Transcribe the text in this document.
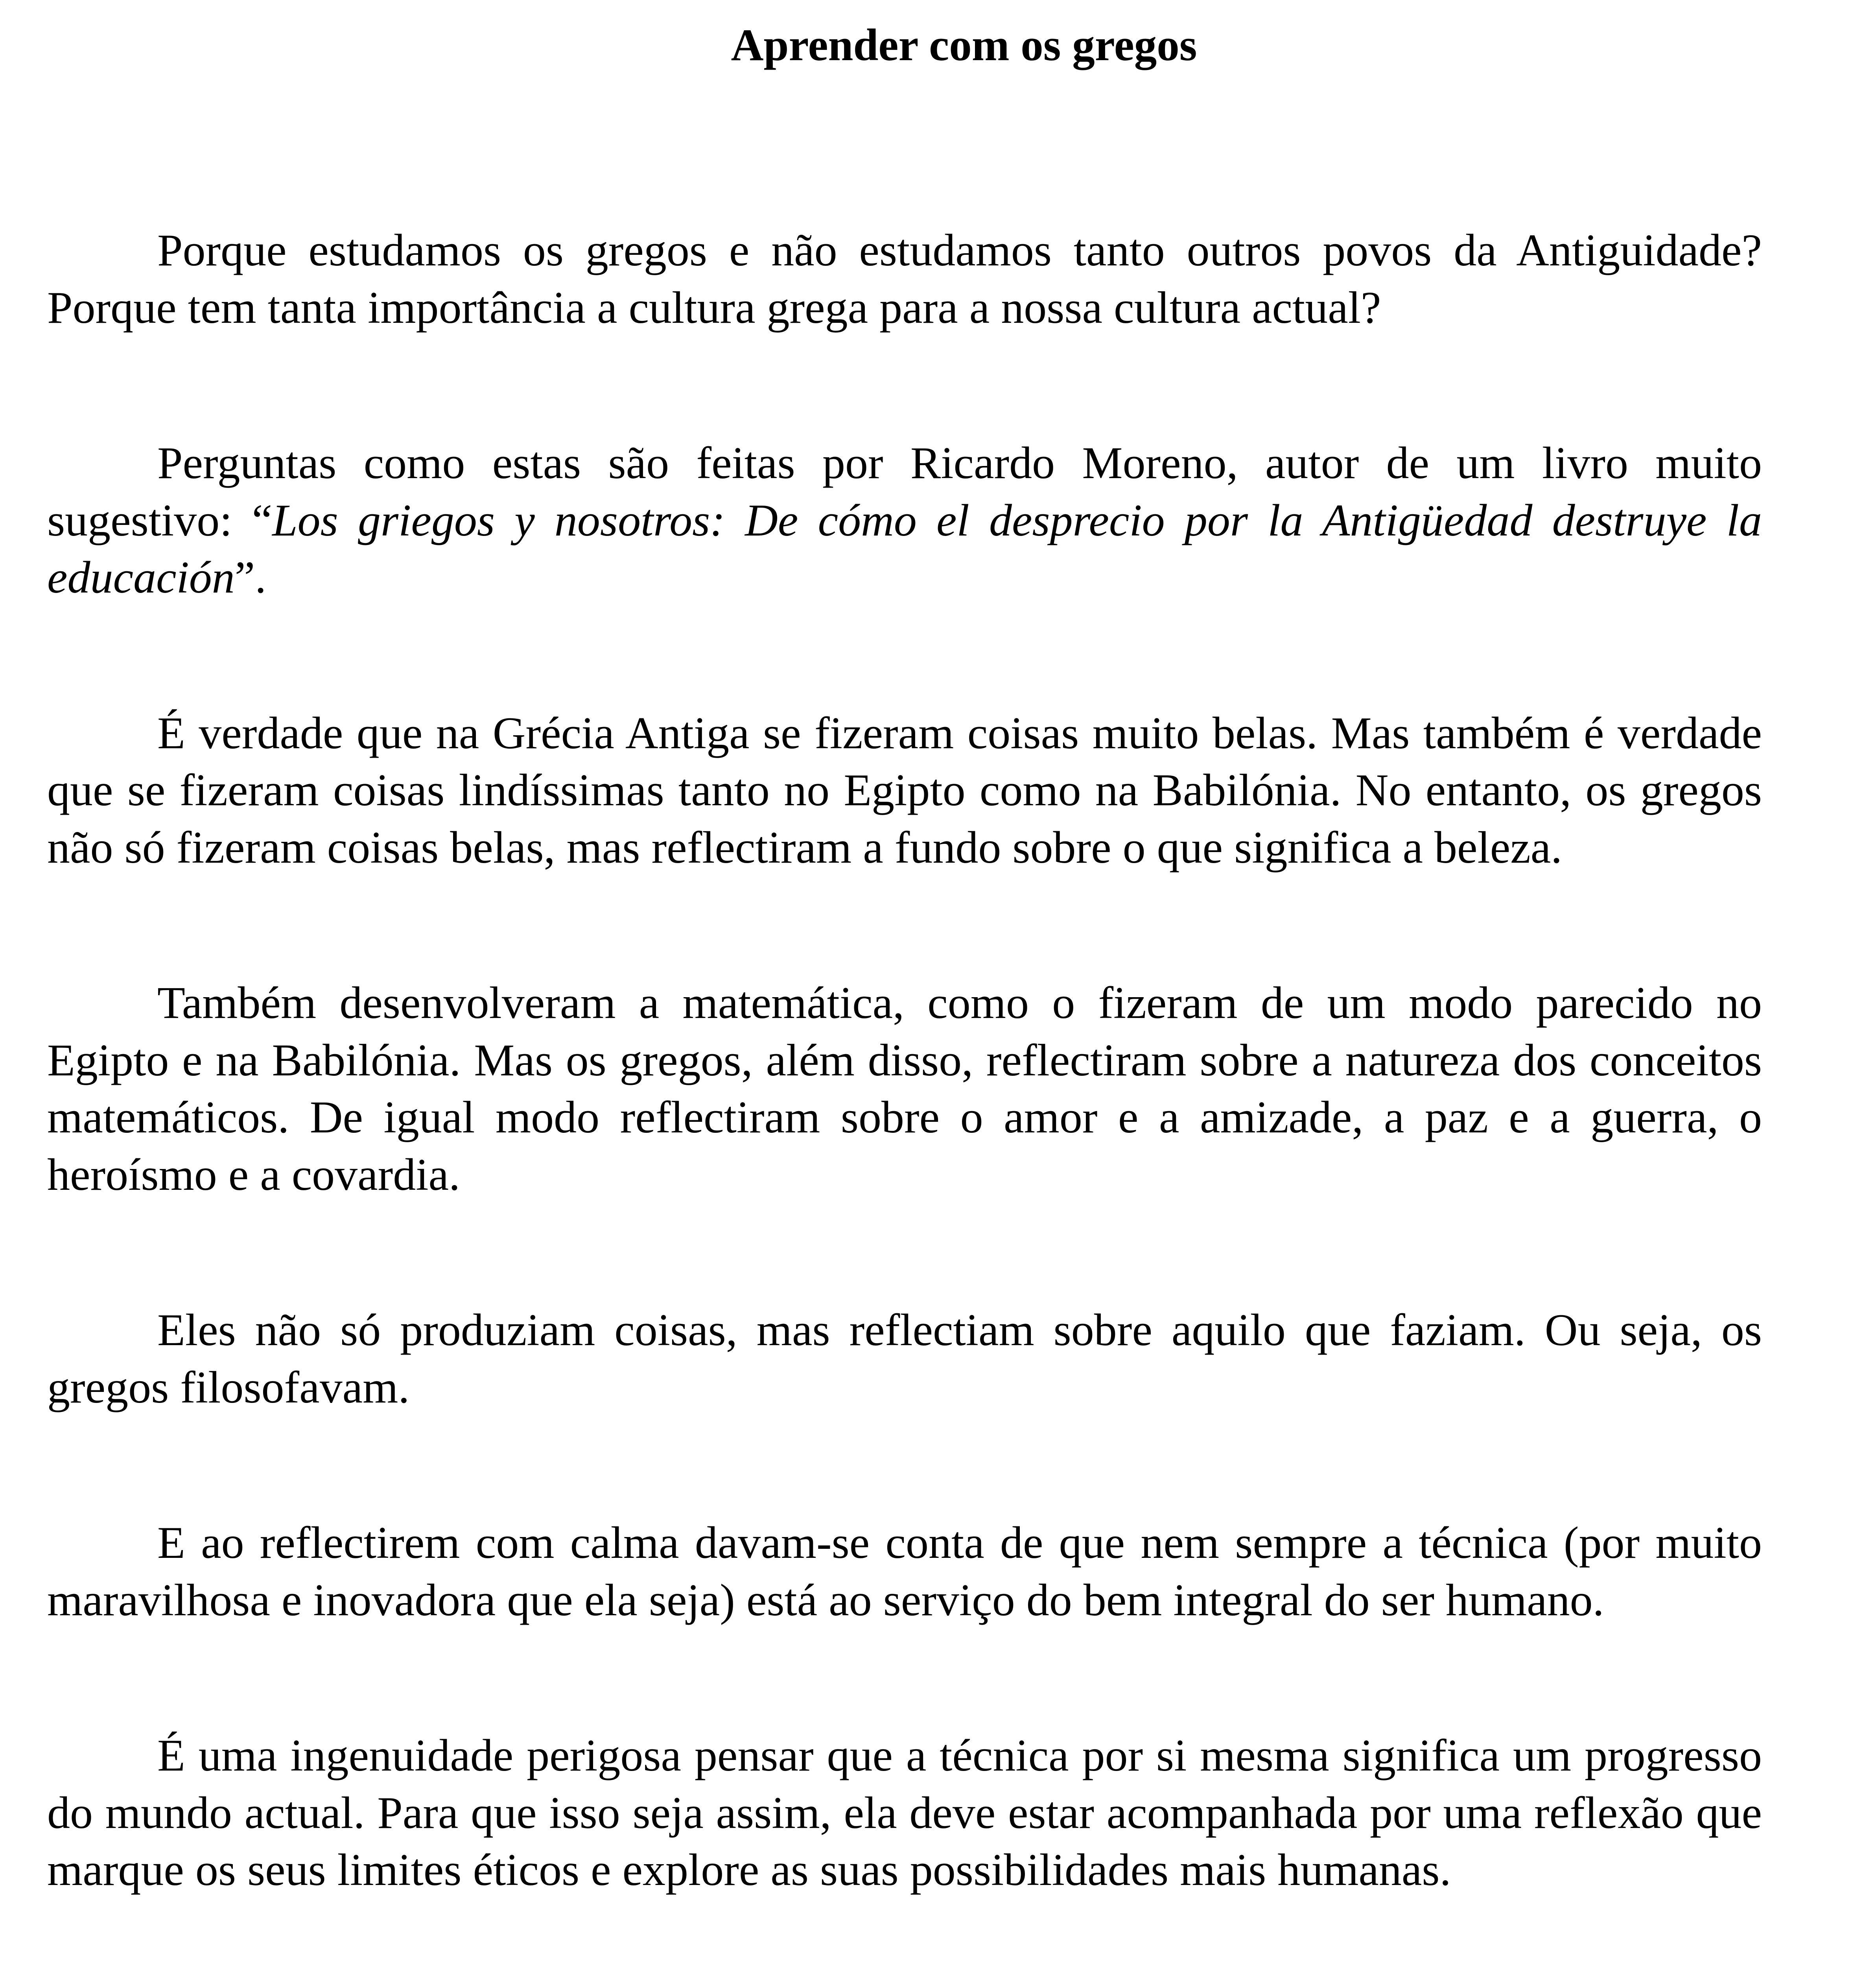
Aprender com os gregos

Porque estudamos os gregos e não estudamos tanto outros povos da Antiguidade? Porque tem tanta importância a cultura grega para a nossa cultura actual?

Perguntas como estas são feitas por Ricardo Moreno, autor de um livro muito sugestivo: “Los griegos y nosotros: De cómo el desprecio por la Antigüedad destruye la educación”.

É verdade que na Grécia Antiga se fizeram coisas muito belas. Mas também é verdade que se fizeram coisas lindíssimas tanto no Egipto como na Babilónia. No entanto, os gregos não só fizeram coisas belas, mas reflectiram a fundo sobre o que significa a beleza.

Também desenvolveram a matemática, como o fizeram de um modo parecido no Egipto e na Babilónia. Mas os gregos, além disso, reflectiram sobre a natureza dos conceitos matemáticos. De igual modo reflectiram sobre o amor e a amizade, a paz e a guerra, o heroísmo e a covardia.

Eles não só produziam coisas, mas reflectiam sobre aquilo que faziam. Ou seja, os gregos filosofavam.

E ao reflectirem com calma davam-se conta de que nem sempre a técnica (por muito maravilhosa e inovadora que ela seja) está ao serviço do bem integral do ser humano.

É uma ingenuidade perigosa pensar que a técnica por si mesma significa um progresso do mundo actual. Para que isso seja assim, ela deve estar acompanhada por uma reflexão que marque os seus limites éticos e explore as suas possibilidades mais humanas.
